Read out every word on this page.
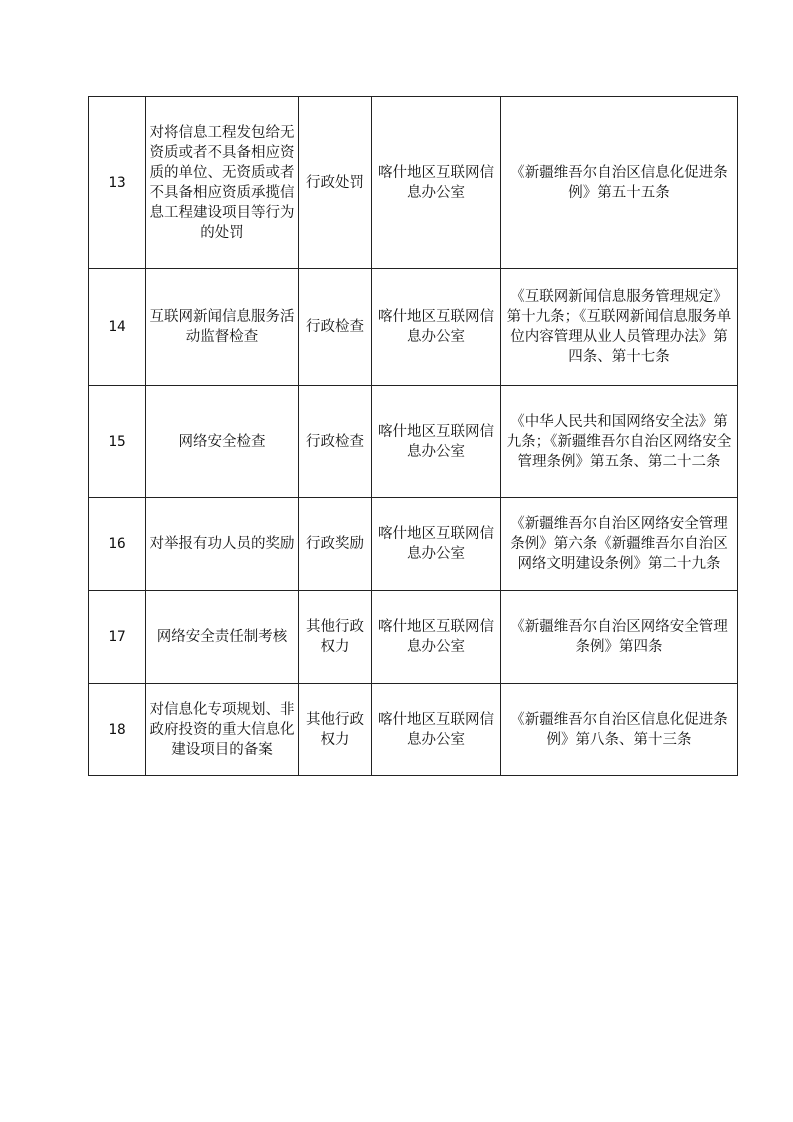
13	对将信息工程发包给无资质或者不具备相应资质的单位、无资质或者不具备相应资质承揽信息工程建设项目等行为的处罚	行政处罚	喀什地区互联网信息办公室	《新疆维吾尔自治区信息化促进条例》第五十五条
14	互联网新闻信息服务活动监督检查	行政检查	喀什地区互联网信息办公室	《互联网新闻信息服务管理规定》第十九条；《互联网新闻信息服务单位内容管理从业人员管理办法》第四条、第十七条
15	网络安全检查	行政检查	喀什地区互联网信息办公室	《中华人民共和国网络安全法》第九条；《新疆维吾尔自治区网络安全管理条例》第五条、第二十二条
16	对举报有功人员的奖励	行政奖励	喀什地区互联网信息办公室	《新疆维吾尔自治区网络安全管理条例》第六条《新疆维吾尔自治区网络文明建设条例》第二十九条
17	网络安全责任制考核	其他行政权力	喀什地区互联网信息办公室	《新疆维吾尔自治区网络安全管理条例》第四条
18	对信息化专项规划、非政府投资的重大信息化建设项目的备案	其他行政权力	喀什地区互联网信息办公室	《新疆维吾尔自治区信息化促进条例》第八条、第十三条
